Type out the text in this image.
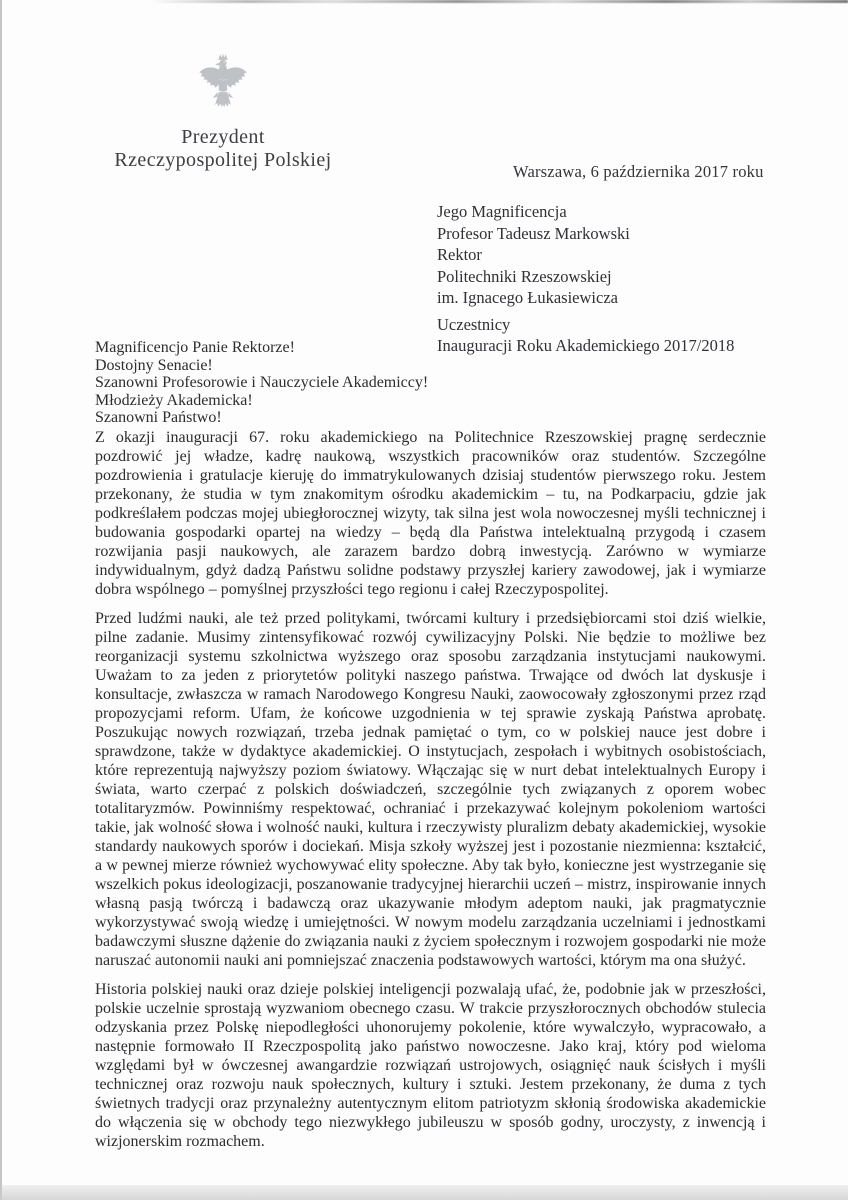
Prezydent
Rzeczypospolitej Polskiej
Warszawa, 6 października 2017 roku
Jego Magnificencja
Profesor Tadeusz Markowski
Rektor
Politechniki Rzeszowskiej
im. Ignacego Łukasiewicza
Uczestnicy
Inauguracji Roku Akademickiego 2017/2018
Magnificencjo Panie Rektorze!
Dostojny Senacie!
Szanowni Profesorowie i Nauczyciele Akademiccy!
Młodzieży Akademicka!
Szanowni Państwo!

Z okazji inauguracji 67. roku akademickiego na Politechnice Rzeszowskiej pragnę serdecznie pozdrowić jej władze, kadrę naukową, wszystkich pracowników oraz studentów. Szczególne pozdrowienia i gratulacje kieruję do immatrykulowanych dzisiaj studentów pierwszego roku. Jestem przekonany, że studia w tym znakomitym ośrodku akademickim – tu, na Podkarpaciu, gdzie jak podkreślałem podczas mojej ubiegłorocznej wizyty, tak silna jest wola nowoczesnej myśli technicznej i budowania gospodarki opartej na wiedzy – będą dla Państwa intelektualną przygodą i czasem rozwijania pasji naukowych, ale zarazem bardzo dobrą inwestycją. Zarówno w wymiarze indywidualnym, gdyż dadzą Państwu solidne podstawy przyszłej kariery zawodowej, jak i wymiarze dobra wspólnego – pomyślnej przyszłości tego regionu i całej Rzeczypospolitej.

Przed ludźmi nauki, ale też przed politykami, twórcami kultury i przedsiębiorcami stoi dziś wielkie, pilne zadanie. Musimy zintensyfikować rozwój cywilizacyjny Polski. Nie będzie to możliwe bez reorganizacji systemu szkolnictwa wyższego oraz sposobu zarządzania instytucjami naukowymi. Uważam to za jeden z priorytetów polityki naszego państwa. Trwające od dwóch lat dyskusje i konsultacje, zwłaszcza w ramach Narodowego Kongresu Nauki, zaowocowały zgłoszonymi przez rząd propozycjami reform. Ufam, że końcowe uzgodnienia w tej sprawie zyskają Państwa aprobatę. Poszukując nowych rozwiązań, trzeba jednak pamiętać o tym, co w polskiej nauce jest dobre i sprawdzone, także w dydaktyce akademickiej. O instytucjach, zespołach i wybitnych osobistościach, które reprezentują najwyższy poziom światowy. Włączając się w nurt debat intelektualnych Europy i świata, warto czerpać z polskich doświadczeń, szczególnie tych związanych z oporem wobec totalitaryzmów. Powinniśmy respektować, ochraniać i przekazywać kolejnym pokoleniom wartości takie, jak wolność słowa i wolność nauki, kultura i rzeczywisty pluralizm debaty akademickiej, wysokie standardy naukowych sporów i dociekań. Misja szkoły wyższej jest i pozostanie niezmienna: kształcić, a w pewnej mierze również wychowywać elity społeczne. Aby tak było, konieczne jest wystrzeganie się wszelkich pokus ideologizacji, poszanowanie tradycyjnej hierarchii uczeń – mistrz, inspirowanie innych własną pasją twórczą i badawczą oraz ukazywanie młodym adeptom nauki, jak pragmatycznie wykorzystywać swoją wiedzę i umiejętności. W nowym modelu zarządzania uczelniami i jednostkami badawczymi słuszne dążenie do związania nauki z życiem społecznym i rozwojem gospodarki nie może naruszać autonomii nauki ani pomniejszać znaczenia podstawowych wartości, którym ma ona służyć.

Historia polskiej nauki oraz dzieje polskiej inteligencji pozwalają ufać, że, podobnie jak w przeszłości, polskie uczelnie sprostają wyzwaniom obecnego czasu. W trakcie przyszłorocznych obchodów stulecia odzyskania przez Polskę niepodległości uhonorujemy pokolenie, które wywalczyło, wypracowało, a następnie formowało II Rzeczpospolitą jako państwo nowoczesne. Jako kraj, który pod wieloma względami był w ówczesnej awangardzie rozwiązań ustrojowych, osiągnięć nauk ścisłych i myśli technicznej oraz rozwoju nauk społecznych, kultury i sztuki. Jestem przekonany, że duma z tych świetnych tradycji oraz przynależny autentycznym elitom patriotyzm skłonią środowiska akademickie do włączenia się w obchody tego niezwykłego jubileuszu w sposób godny, uroczysty, z inwencją i wizjonerskim rozmachem.
